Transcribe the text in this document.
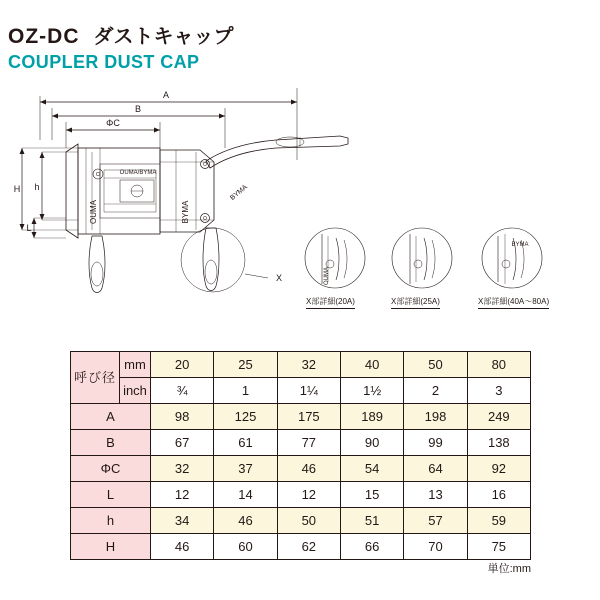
OZ-DC ダストキャップ
COUPLER DUST CAP
A
B
ΦC
H h
L
OUMA	BYMA
OUMA/BYMA
BYMA
X	OUMA
BYMA
X部詳細(20A)	X部詳細(25A)	X部詳細(40A～80A)
呼び径	mm	20	25	32	40	50	80
	inch	¾	1	1¼	1½	2	3
A		98	125	175	189	198	249
B		67	61	77	90	99	138
ΦC		32	37	46	54	64	92
L		12	14	12	15	13	16
h		34	46	50	51	57	59
H		46	60	62	66	70	75
単位:mm
